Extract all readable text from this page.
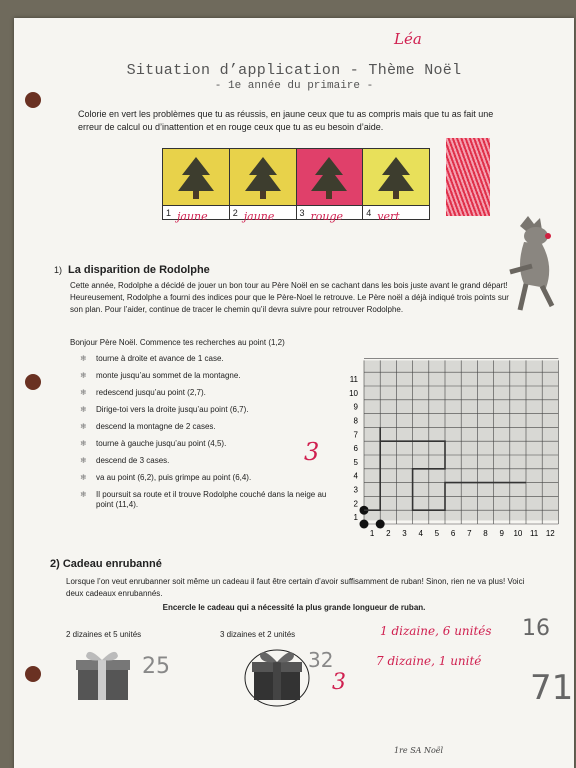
Léa
Situation d’application - Thème Noël
- 1e année du primaire -
Colorie en vert les problèmes que tu as réussis, en jaune ceux que tu as compris mais que tu as fait une erreur de calcul ou d’inattention et en rouge ceux que tu as eu besoin d’aide.
1 jaune	2 jaune	3 rouge	4 vert
1) La disparition de Rodolphe
Cette année, Rodolphe a décidé de jouer un bon tour au Père Noël en se cachant dans les bois juste avant le grand départ! Heureusement, Rodolphe a fourni des indices pour que le Père-Noel le retrouve. Le Père noël a déjà indiqué trois points sur son plan. Pour l’aider, continue de tracer le chemin qu’il devra suivre pour retrouver Rodolphe.
Bonjour Père Noël. Commence tes recherches au point (1,2)
❄ tourne à droite et avance de 1 case.
❄ monte jusqu’au sommet de la montagne.
❄ redescend jusqu’au point (2,7).
❄ Dirige-toi vers la droite jusqu’au point (6,7).
❄ descend la montagne de 2 cases.
❄ tourne à gauche jusqu’au point (4,5).
❄ descend de 3 cases.
❄ va au point (6,2), puis grimpe au point (6,4).
❄ Il poursuit sa route et il trouve Rodolphe couché dans la neige au point (11,4).
1 2 3 4 5 6 7 8 9 10 11 12
1
2
3
4
5
6
7
8
9
10
11
3
2) Cadeau enrubanné
Lorsque l’on veut enrubanner soit même un cadeau il faut être certain d’avoir suffisamment de ruban! Sinon, rien ne va plus! Voici deux cadeaux enrubannés.
Encercle le cadeau qui a nécessité la plus grande longueur de ruban.
2 dizaines et 5 unités	3 dizaines et 2 unités
25	32
3
1 dizaine, 6 unités 16
7 dizaine, 1 unité
71
1re SA Noël
